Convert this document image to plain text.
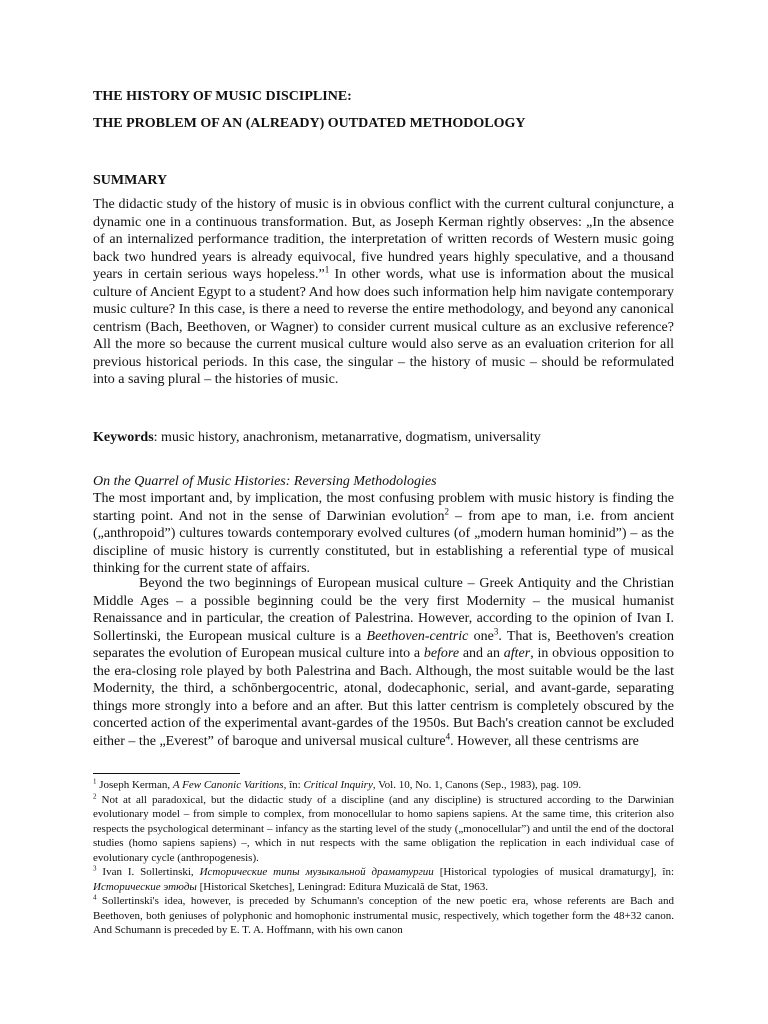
THE HISTORY OF MUSIC DISCIPLINE:
THE PROBLEM OF AN (ALREADY) OUTDATED METHODOLOGY
SUMMARY
The didactic study of the history of music is in obvious conflict with the current cultural conjuncture, a dynamic one in a continuous transformation. But, as Joseph Kerman rightly observes: „In the absence of an internalized performance tradition, the interpretation of written records of Western music going back two hundred years is already equivocal, five hundred years highly speculative, and a thousand years in certain serious ways hopeless.”$^1$ In other words, what use is information about the musical culture of Ancient Egypt to a student? And how does such information help him navigate contemporary music culture? In this case, is there a need to reverse the entire methodology, and beyond any canonical centrism (Bach, Beethoven, or Wagner) to consider current musical culture as an exclusive reference? All the more so because the current musical culture would also serve as an evaluation criterion for all previous historical periods. In this case, the singular – the history of music – should be reformulated into a saving plural – the histories of music.
Keywords: music history, anachronism, metanarrative, dogmatism, universality
On the Quarrel of Music Histories: Reversing Methodologies
The most important and, by implication, the most confusing problem with music history is finding the starting point. And not in the sense of Darwinian evolution$^2$ – from ape to man, i.e. from ancient („anthropoid”) cultures towards contemporary evolved cultures (of „modern human hominid”) – as the discipline of music history is currently constituted, but in establishing a referential type of musical thinking for the current state of affairs.
Beyond the two beginnings of European musical culture – Greek Antiquity and the Christian Middle Ages – a possible beginning could be the very first Modernity – the musical humanist Renaissance and in particular, the creation of Palestrina. However, according to the opinion of Ivan I. Sollertinski, the European musical culture is a Beethoven-centric one$^3$. That is, Beethoven's creation separates the evolution of European musical culture into a before and an after, in obvious opposition to the era-closing role played by both Palestrina and Bach. Although, the most suitable would be the last Modernity, the third, a schōnbergocentric, atonal, dodecaphonic, serial, and avant-garde, separating things more strongly into a before and an after. But this latter centrism is completely obscured by the concerted action of the experimental avant-gardes of the 1950s. But Bach's creation cannot be excluded either – the „Everest” of baroque and universal musical culture$^4$. However, all these centrisms are

$^1$ Joseph Kerman, A Few Canonic Varitions, în: Critical Inquiry, Vol. 10, No. 1, Canons (Sep., 1983), pag. 109.

$^2$ Not at all paradoxical, but the didactic study of a discipline (and any discipline) is structured according to the Darwinian evolutionary model – from simple to complex, from monocellular to homo sapiens sapiens. At the same time, this criterion also respects the psychological determinant – infancy as the starting level of the study („monocellular”) and until the end of the doctoral studies (homo sapiens sapiens) –, which in nut respects with the same obligation the replication in each individual case of evolutionary cycle (anthropogenesis).

$^3$ Ivan I. Sollertinski, Исторические типы музыкальной драматургии [Historical typologies of musical dramaturgy], în: Исторические этюды [Historical Sketches], Leningrad: Editura Muzicală de Stat, 1963.

$^4$ Sollertinski's idea, however, is preceded by Schumann's conception of the new poetic era, whose referents are Bach and Beethoven, both geniuses of polyphonic and homophonic instrumental music, respectively, which together form the 48+32 canon. And Schumann is preceded by E. T. A. Hoffmann, with his own canon
